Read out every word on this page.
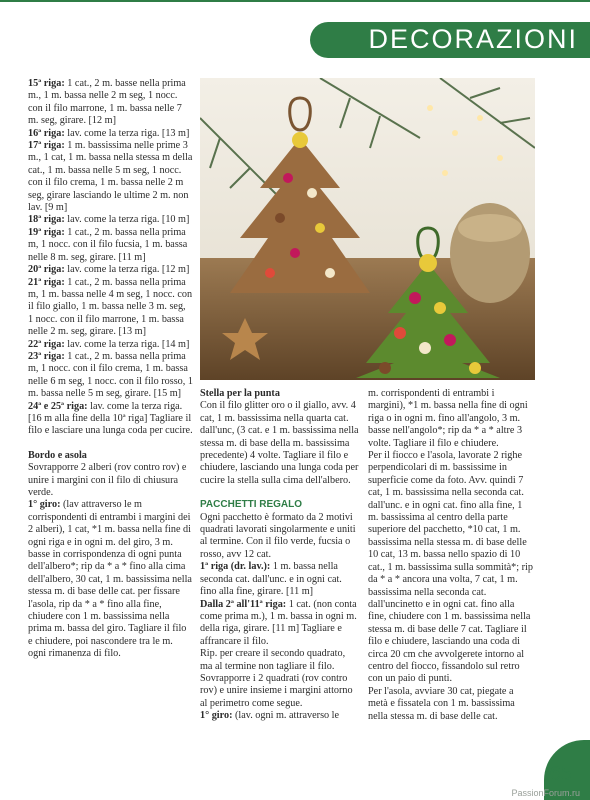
DECORAZIONI

15ª riga: 1 cat., 2 m. basse nella prima m., 1 m. bassa nelle 2 m seg, 1 nocc. con il filo marrone, 1 m. bassa nelle 7 m. seg, girare. [12 m]

16ª riga: lav. come la terza riga. [13 m]

17ª riga: 1 m. bassissima nelle prime 3 m., 1 cat, 1 m. bassa nella stessa m della cat., 1 m. bassa nelle 5 m seg, 1 nocc. con il filo crema, 1 m. bassa nelle 2 m seg, girare lasciando le ultime 2 m. non lav. [9 m]

18ª riga: lav. come la terza riga. [10 m]

19ª riga: 1 cat., 2 m. bassa nella prima m, 1 nocc. con il filo fucsia, 1 m. bassa nelle 8 m. seg, girare. [11 m]

20ª riga: lav. come la terza riga. [12 m]

21ª riga: 1 cat., 2 m. bassa nella prima m, 1 m. bassa nelle 4 m seg, 1 nocc. con il filo giallo, 1 m. bassa nelle 3 m. seg, 1 nocc. con il filo marrone, 1 m. bassa nelle 2 m. seg, girare. [13 m]

22ª riga: lav. come la terza riga. [14 m]

23ª riga: 1 cat., 2 m. bassa nella prima m, 1 nocc. con il filo crema, 1 m. bassa nelle 6 m seg, 1 nocc. con il filo rosso, 1 m. bassa nelle 5 m seg, girare. [15 m]

24ª e 25ª riga: lav. come la terza riga. [16 m alla fine della 10ª riga] Tagliare il filo e lasciare una lunga coda per cucire.

Bordo e asola

Sovrapporre 2 alberi (rov contro rov) e unire i margini con il filo di chiusura verde.

1° giro: (lav attraverso le m corrispondenti di entrambi i margini dei 2 alberi), 1 cat, *1 m. bassa nella fine di ogni riga e in ogni m. del giro, 3 m. basse in corrispondenza di ogni punta dell'albero*; rip da * a * fino alla cima dell'albero, 30 cat, 1 m. bassissima nella stessa m. di base delle cat. per fissare l'asola, rip da * a * fino alla fine, chiudere con 1 m. bassissima nella prima m. bassa del giro. Tagliare il filo e chiudere, poi nascondere tra le m. ogni rimanenza di filo.

Stella per la punta

Con il filo glitter oro o il giallo, avv. 4 cat, 1 m. bassissima nella quarta cat. dall'unc, (3 cat. e 1 m. bassissima nella stessa m. di base della m. bassissima precedente) 4 volte. Tagliare il filo e chiudere, lasciando una lunga coda per cucire la stella sulla cima dell'albero.

PACCHETTI REGALO

Ogni pacchetto è formato da 2 motivi quadrati lavorati singolarmente e uniti al termine. Con il filo verde, fucsia o rosso, avv 12 cat.

1ª riga (dr. lav.): 1 m. bassa nella seconda cat. dall'unc. e in ogni cat. fino alla fine, girare. [11 m]

Dalla 2ª all'11ª riga: 1 cat. (non conta come prima m.), 1 m. bassa in ogni m. della riga, girare. [11 m] Tagliare e affrancare il filo.

Rip. per creare il secondo quadrato, ma al termine non tagliare il filo. Sovrapporre i 2 quadrati (rov contro rov) e unire insieme i margini attorno al perimetro come segue.

1° giro: (lav. ogni m. attraverso le

m. corrispondenti di entrambi i margini), *1 m. bassa nella fine di ogni riga o in ogni m. fino all'angolo, 3 m. basse nell'angolo*; rip da * a * altre 3 volte. Tagliare il filo e chiudere.

Per il fiocco e l'asola, lavorate 2 righe perpendicolari di m. bassissime in superficie come da foto. Avv. quindi 7 cat, 1 m. bassissima nella seconda cat. dall'unc. e in ogni cat. fino alla fine, 1 m. bassissima al centro della parte superiore del pacchetto, *10 cat, 1 m. bassissima nella stessa m. di base delle 10 cat, 13 m. bassa nello spazio di 10 cat., 1 m. bassissima sulla sommità*; rip da * a * ancora una volta, 7 cat, 1 m. bassissima nella seconda cat. dall'uncinetto e in ogni cat. fino alla fine, chiudere con 1 m. bassissima nella stessa m. di base delle 7 cat. Tagliare il filo e chiudere, lasciando una coda di circa 20 cm che avvolgerete intorno al centro del fiocco, fissandolo sul retro con un paio di punti.

Per l'asola, avviare 30 cat, piegate a metà e fissatela con 1 m. bassissima nella stessa m. di base delle cat.

65
PassionForum.ru
